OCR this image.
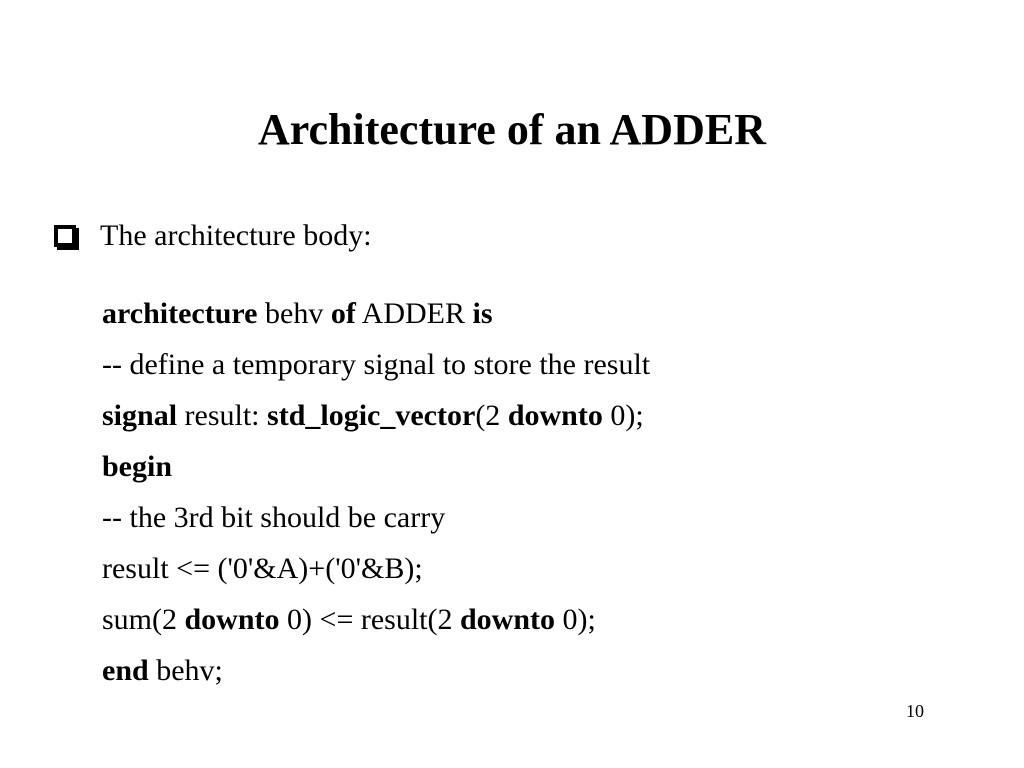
Architecture of an ADDER
The architecture body:
architecture behv of ADDER is
-- define a temporary signal to store the result
signal result: std_logic_vector(2 downto 0);
begin
-- the 3rd bit should be carry
result <= ('0'&A)+('0'&B);
sum(2 downto 0) <= result(2 downto 0);
end behv;
10
